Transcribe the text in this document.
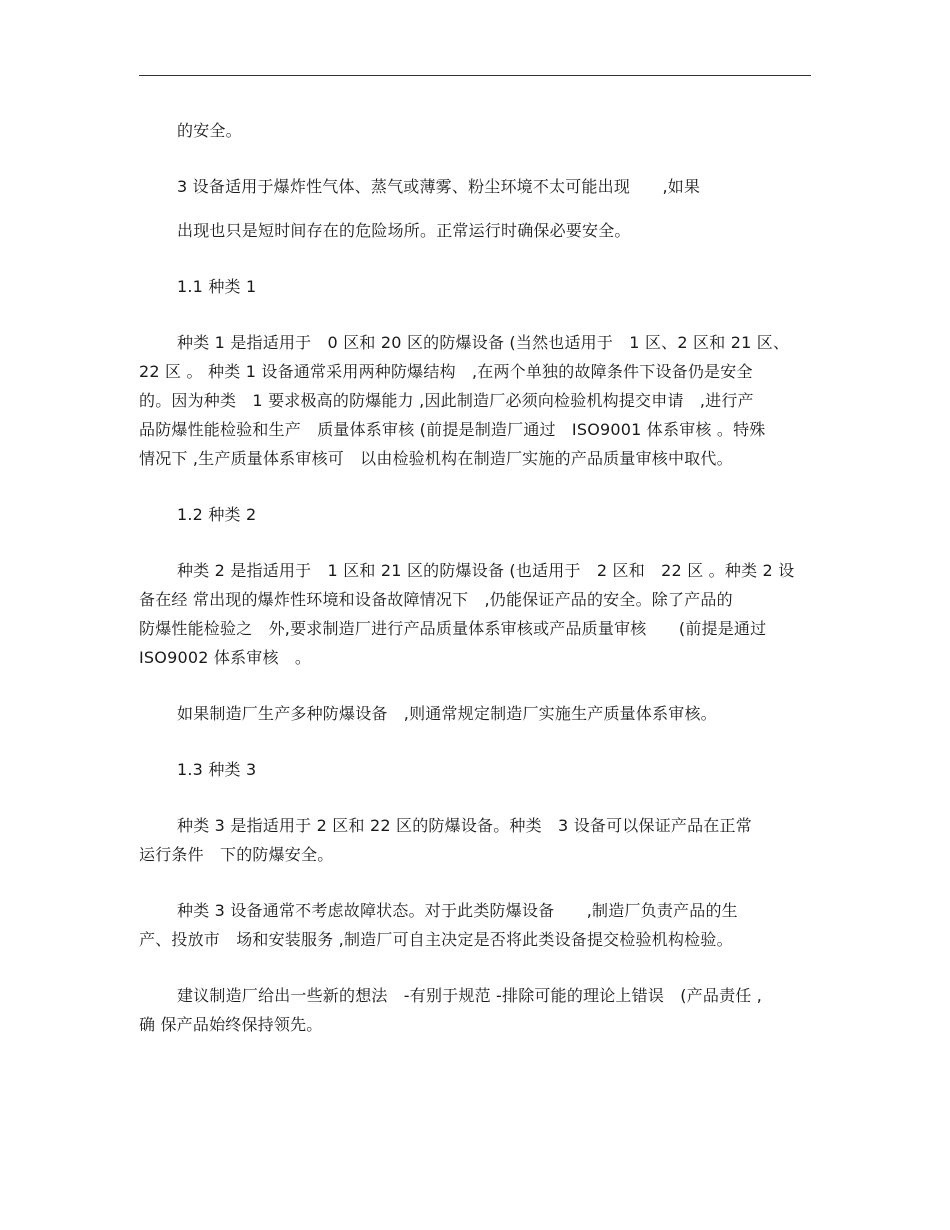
的安全。

3 设备适用于爆炸性气体、蒸气或薄雾、粉尘环境不太可能出现　　,如果

出现也只是短时间存在的危险场所。正常运行时确保必要安全。

1.1 种类 1

种类 1 是指适用于　0 区和 20 区的防爆设备 (当然也适用于　1 区、2 区和 21 区、
22 区 。 种类 1 设备通常采用两种防爆结构　,在两个单独的故障条件下设备仍是安全
的。因为种类　1 要求极高的防爆能力 ,因此制造厂必须向检验机构提交申请　,进行产
品防爆性能检验和生产　质量体系审核 (前提是制造厂通过　ISO9001 体系审核 。特殊
情况下 ,生产质量体系审核可　以由检验机构在制造厂实施的产品质量审核中取代。

1.2 种类 2

种类 2 是指适用于　1 区和 21 区的防爆设备 (也适用于　2 区和　22 区 。种类 2 设
备在经 常出现的爆炸性环境和设备故障情况下　,仍能保证产品的安全。除了产品的
防爆性能检验之　外,要求制造厂进行产品质量体系审核或产品质量审核　　(前提是通过
ISO9002 体系审核　。

如果制造厂生产多种防爆设备　,则通常规定制造厂实施生产质量体系审核。

1.3 种类 3

种类 3 是指适用于 2 区和 22 区的防爆设备。种类　3 设备可以保证产品在正常
运行条件　下的防爆安全。

种类 3 设备通常不考虑故障状态。对于此类防爆设备　　,制造厂负责产品的生
产、投放市　场和安装服务 ,制造厂可自主决定是否将此类设备提交检验机构检验。

建议制造厂给出一些新的想法　-有别于规范 -排除可能的理论上错误　(产品责任 ,
确 保产品始终保持领先。
